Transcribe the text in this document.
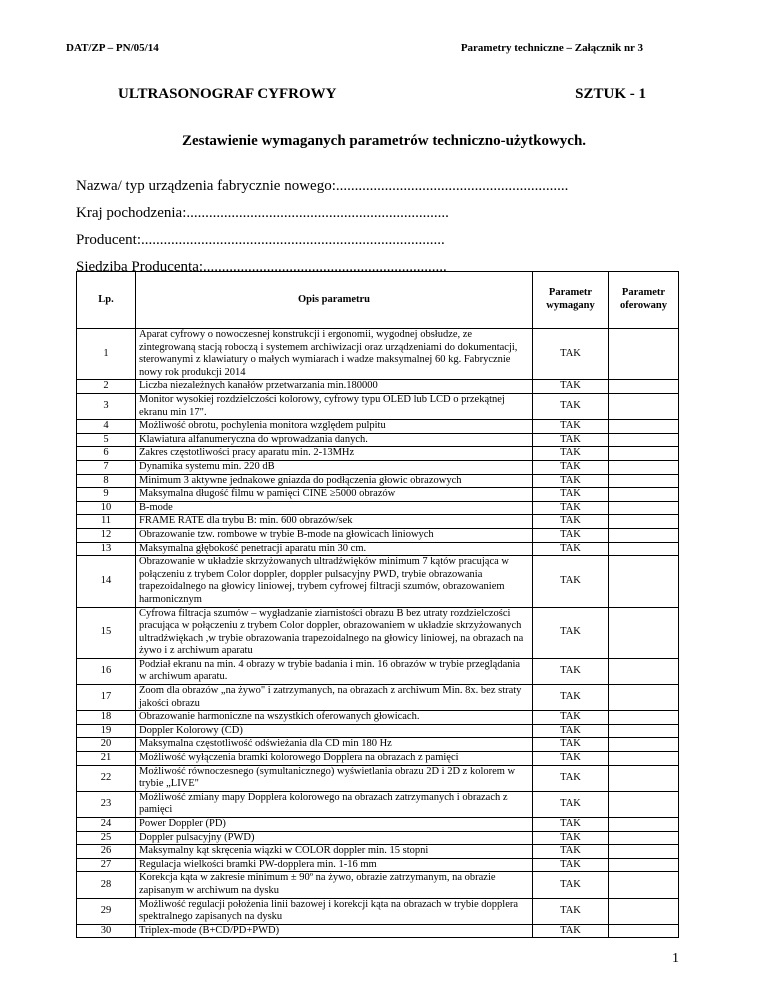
DAT/ZP – PN/05/14	Parametry techniczne – Załącznik nr 3
ULTRASONOGRAF CYFROWY	SZTUK - 1
Zestawienie wymaganych parametrów techniczno-użytkowych.
Nazwa/ typ urządzenia fabrycznie nowego:..............................................................
Kraj pochodzenia:......................................................................
Producent:.................................................................................
Siedziba Producenta:.................................................................
Lp.	Opis parametru	Parametr wymagany	Parametr oferowany
1	Aparat cyfrowy o nowoczesnej konstrukcji i ergonomii, wygodnej obsłudze, ze zintegrowaną stacją roboczą i systemem archiwizacji oraz urządzeniami do dokumentacji, sterowanymi z klawiatury o małych wymiarach i wadze maksymalnej 60 kg. Fabrycznie nowy rok produkcji 2014	TAK	
2	Liczba niezależnych kanałów przetwarzania min.180000	TAK	
3	Monitor wysokiej rozdzielczości kolorowy, cyfrowy typu OLED lub LCD o przekątnej ekranu min 17".	TAK	
4	Możliwość obrotu, pochylenia monitora względem pulpitu	TAK	
5	Klawiatura alfanumeryczna do wprowadzania danych.	TAK	
6	Zakres częstotliwości pracy aparatu min. 2-13MHz	TAK	
7	Dynamika systemu min. 220 dB	TAK	
8	Minimum 3 aktywne jednakowe gniazda do podłączenia głowic obrazowych	TAK	
9	Maksymalna długość filmu w pamięci CINE ≥5000 obrazów	TAK	
10	B-mode	TAK	
11	FRAME RATE dla trybu B: min. 600 obrazów/sek	TAK	
12	Obrazowanie tzw. rombowe w trybie B-mode na głowicach liniowych	TAK	
13	Maksymalna głębokość penetracji aparatu min 30 cm.	TAK	
14	Obrazowanie w układzie skrzyżowanych ultradźwięków minimum 7 kątów pracująca w połączeniu z trybem Color doppler, doppler pulsacyjny PWD, trybie obrazowania trapezoidalnego na głowicy liniowej, trybem cyfrowej filtracji szumów, obrazowaniem harmonicznym	TAK	
15	Cyfrowa filtracja szumów – wygładzanie ziarnistości obrazu B bez utraty rozdzielczości pracująca w połączeniu z trybem Color doppler, obrazowaniem w układzie skrzyżowanych ultradźwiękach ,w trybie obrazowania trapezoidalnego na głowicy liniowej, na obrazach na żywo i z archiwum aparatu	TAK	
16	Podział ekranu na min. 4 obrazy w trybie badania i min. 16 obrazów w trybie przeglądania w archiwum aparatu.	TAK	
17	Zoom dla obrazów „na żywo" i zatrzymanych, na obrazach z archiwum Min. 8x. bez straty jakości obrazu	TAK	
18	Obrazowanie harmoniczne na wszystkich oferowanych głowicach.	TAK	
19	Doppler Kolorowy (CD)	TAK	
20	Maksymalna częstotliwość odświeżania dla CD min 180 Hz	TAK	
21	Możliwość wyłączenia bramki kolorowego Dopplera na obrazach z pamięci	TAK	
22	Możliwość równoczesnego (symultanicznego) wyświetlania obrazu 2D i 2D z kolorem w trybie „LIVE"	TAK	
23	Możliwość zmiany mapy Dopplera kolorowego na obrazach zatrzymanych i obrazach z pamięci	TAK	
24	Power Doppler (PD)	TAK	
25	Doppler pulsacyjny (PWD)	TAK	
26	Maksymalny kąt skręcenia wiązki w COLOR doppler min. 15 stopni	TAK	
27	Regulacja wielkości bramki PW-dopplera min. 1-16 mm	TAK	
28	Korekcja kąta w zakresie minimum ± 90º na żywo, obrazie zatrzymanym, na obrazie zapisanym w archiwum na dysku	TAK	
29	Możliwość regulacji położenia linii bazowej i korekcji kąta na obrazach w trybie dopplera spektralnego zapisanych na dysku	TAK	
30	Triplex-mode (B+CD/PD+PWD)	TAK	
1
